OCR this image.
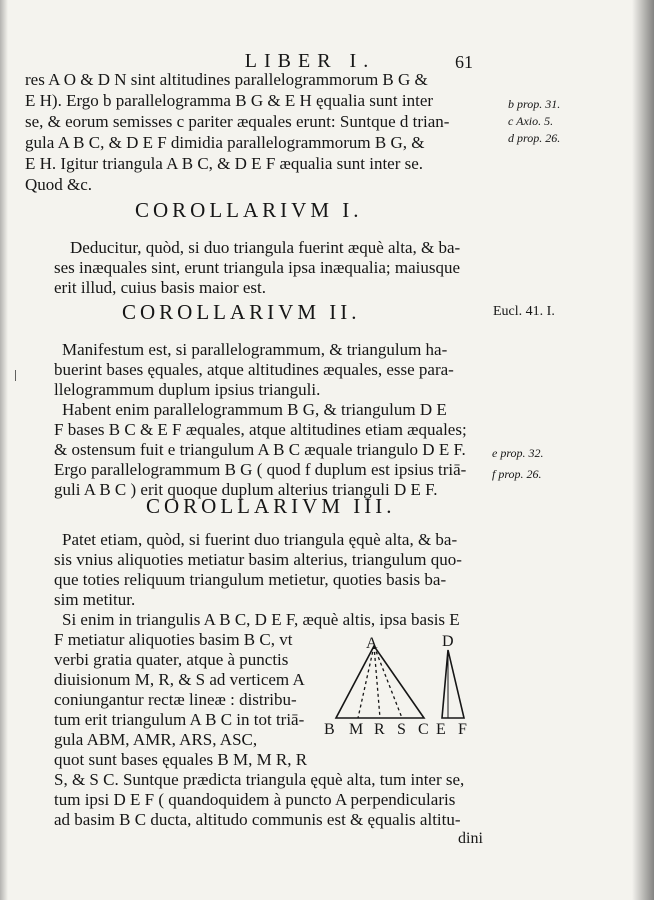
LIBER I.	61
res A O & D N sint altitudines parallelogrammorum B G &
E H). Ergo b parallelogramma B G & E H ęqualia sunt inter
se, & eorum semisses c pariter æquales erunt: Suntque d trian-
gula A B C, & D E F dimidia parallelogrammorum B G, &
E H. Igitur triangula A B C, & D E F æqualia sunt inter se.
Quod &c.
b prop. 31.
c Axio. 5.
d prop. 26.
COROLLARIVM I.
Deducitur, quòd, si duo triangula fuerint æquè alta, & ba-
ses inæquales sint, erunt triangula ipsa inæqualia; maiusque
erit illud, cuius basis maior est.
COROLLARIVM II.	Eucl. 41. I.
ǀ
Manifestum est, si parallelogrammum, & triangulum ha-
buerint bases ęquales, atque altitudines æquales, esse para-
llelogrammum duplum ipsius trianguli.
Habent enim parallelogrammum B G, & triangulum D E
F bases B C & E F æquales, atque altitudines etiam æquales;
& ostensum fuit e triangulum A B C æquale triangulo D E F.
Ergo parallelogrammum B G ( quod f duplum est ipsius triā-
guli A B C ) erit quoque duplum alterius trianguli D E F.
e prop. 32.
f prop. 26.
COROLLARIVM III.
Patet etiam, quòd, si fuerint duo triangula ęquè alta, & ba-
sis vnius aliquoties metiatur basim alterius, triangulum quo-
que toties reliquum triangulum metietur, quoties basis ba-
sim metitur.
Si enim in triangulis A B C, D E F, æquè altis, ipsa basis E
F metiatur aliquoties basim B C, vt
verbi gratia quater, atque à punctis
diuisionum M, R, & S ad verticem A
coniungantur rectæ lineæ : distribu-
tum erit triangulum A B C in tot triā-
gula ABM, AMR, ARS, ASC,
quot sunt bases ęquales B M, M R, R
S, & S C. Suntque prædicta triangula ęquè alta, tum inter se,
tum ipsi D E F ( quandoquidem à puncto A perpendicularis
ad basim B C ducta, altitudo communis est & ęqualis altitu-
dini
A
B M R S C
D
E F
